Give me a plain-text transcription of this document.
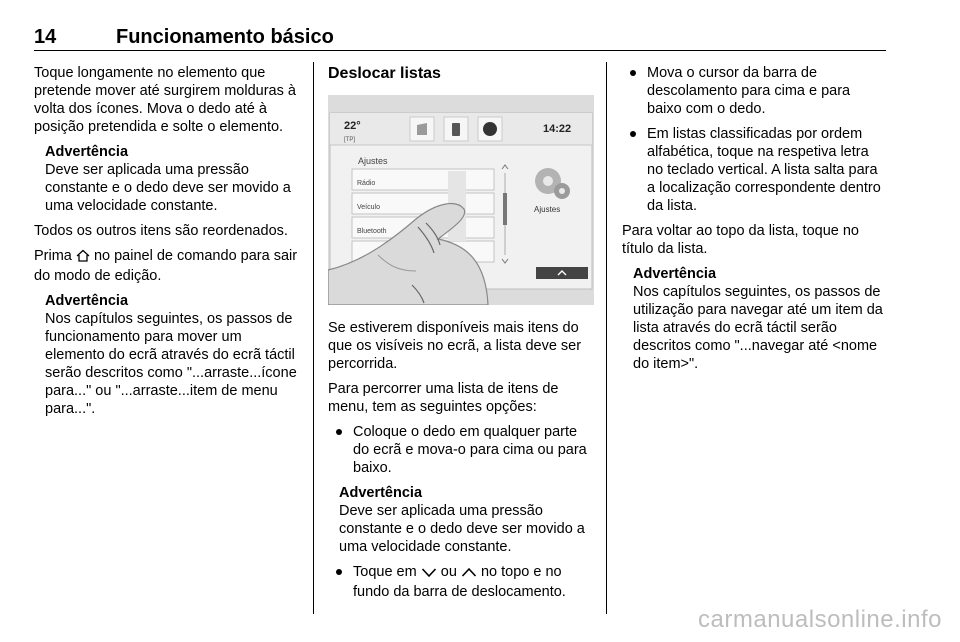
14	Funcionamento básico

Toque longamente no elemento que pretende mover até surgirem molduras à volta dos ícones. Mova o dedo até à posição pretendida e solte o elemento.

Advertência
Deve ser aplicada uma pressão constante e o dedo deve ser movido a uma velocidade constante.

Todos os outros itens são reordenados.

Prima no painel de comando para sair do modo de edição.

Advertência
Nos capítulos seguintes, os passos de funcionamento para mover um elemento do ecrã através do ecrã táctil serão descritos como "...arraste...ícone para..." ou "...arraste...item de menu para...".
Deslocar listas
22°
[TP]
14:22
Ajustes
Rádio
Veículo
Bluetooth
Ajustes

Se estiverem disponíveis mais itens do que os visíveis no ecrã, a lista deve ser percorrida.

Para percorrer uma lista de itens de menu, tem as seguintes opções:

Coloque o dedo em qualquer parte do ecrã e mova-o para cima ou para baixo.
Advertência
Deve ser aplicada uma pressão constante e o dedo deve ser movido a uma velocidade constante.
Toque em ou no topo e no fundo da barra de deslocamento.
Mova o cursor da barra de descolamento para cima e para baixo com o dedo.
Em listas classificadas por ordem alfabética, toque na respetiva letra no teclado vertical. A lista salta para a localização correspondente dentro da lista.

Para voltar ao topo da lista, toque no título da lista.

Advertência
Nos capítulos seguintes, os passos de utilização para navegar até um item da lista através do ecrã táctil serão descritos como "...navegar até <nome do item>".
carmanualsonline.info
